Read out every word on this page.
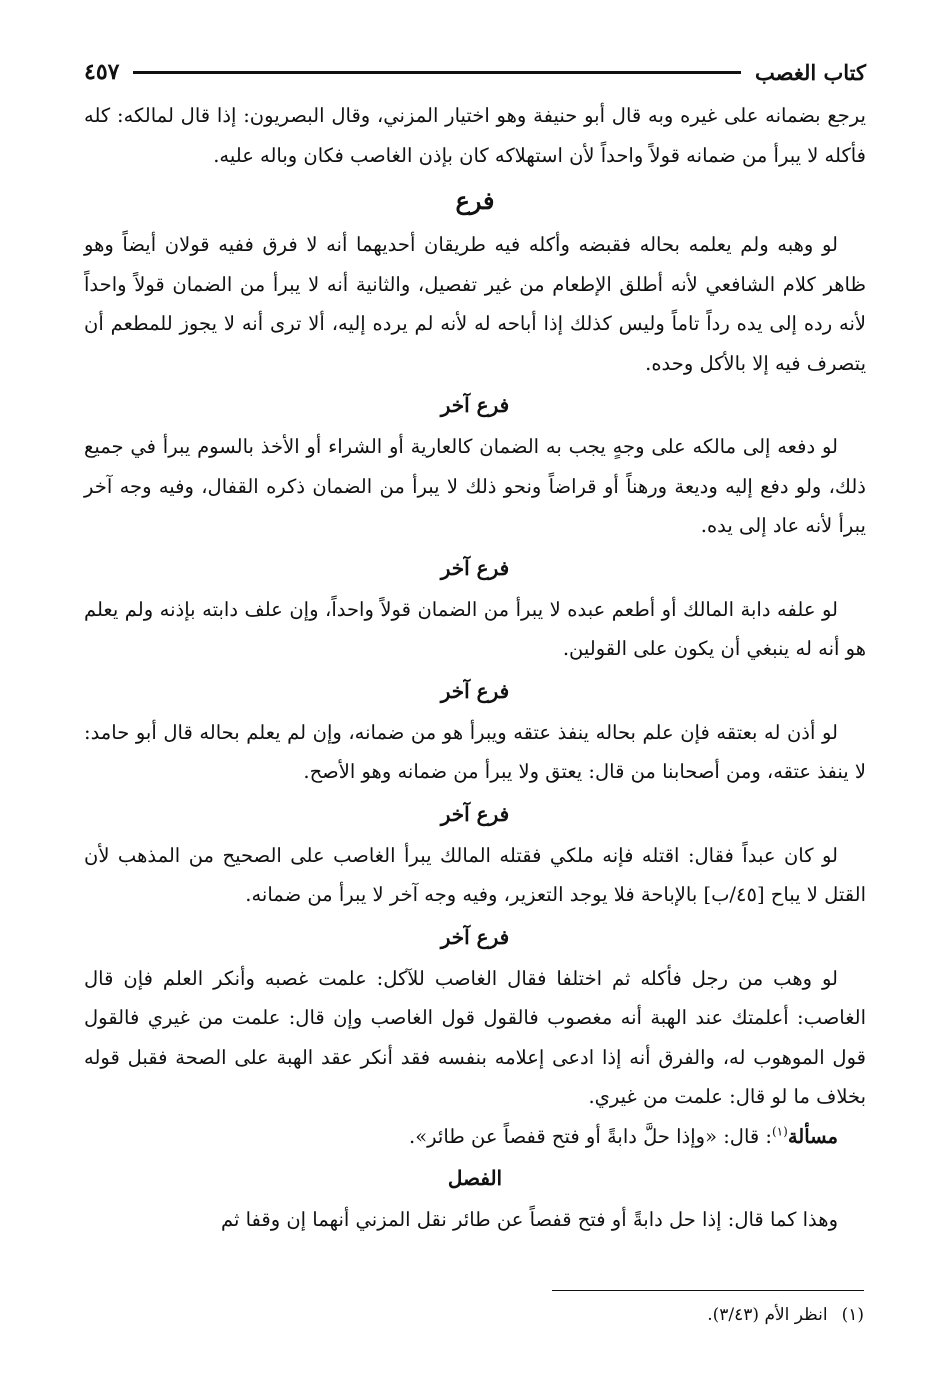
كتاب الغصب
٤٥٧

يرجع بضمانه على غيره وبه قال أبو حنيفة وهو اختيار المزني، وقال البصريون: إذا قال لمالكه: كله فأكله لا يبرأ من ضمانه قولاً واحداً لأن استهلاكه كان بإذن الغاصب فكان وباله عليه.

فرع

لو وهبه ولم يعلمه بحاله فقبضه وأكله فيه طريقان أحديهما أنه لا فرق ففيه قولان أيضاً وهو ظاهر كلام الشافعي لأنه أطلق الإطعام من غير تفصيل، والثانية أنه لا يبرأ من الضمان قولاً واحداً لأنه رده إلى يده رداً تاماً وليس كذلك إذا أباحه له لأنه لم يرده إليه، ألا ترى أنه لا يجوز للمطعم أن يتصرف فيه إلا بالأكل وحده.

فرع آخر

لو دفعه إلى مالكه على وجهٍ يجب به الضمان كالعارية أو الشراء أو الأخذ بالسوم يبرأ في جميع ذلك، ولو دفع إليه وديعة ورهناً أو قراضاً ونحو ذلك لا يبرأ من الضمان ذكره القفال، وفيه وجه آخر يبرأ لأنه عاد إلى يده.

فرع آخر

لو علفه دابة المالك أو أطعم عبده لا يبرأ من الضمان قولاً واحداً، وإن علف دابته بإذنه ولم يعلم هو أنه له ينبغي أن يكون على القولين.

فرع آخر

لو أذن له بعتقه فإن علم بحاله ينفذ عتقه ويبرأ هو من ضمانه، وإن لم يعلم بحاله قال أبو حامد: لا ينفذ عتقه، ومن أصحابنا من قال: يعتق ولا يبرأ من ضمانه وهو الأصح.

فرع آخر

لو كان عبداً فقال: اقتله فإنه ملكي فقتله المالك يبرأ الغاصب على الصحيح من المذهب لأن القتل لا يباح [٤٥/ب] بالإباحة فلا يوجد التعزير، وفيه وجه آخر لا يبرأ من ضمانه.

فرع آخر

لو وهب من رجل فأكله ثم اختلفا فقال الغاصب للآكل: علمت غصبه وأنكر العلم فإن قال الغاصب: أعلمتك عند الهبة أنه مغصوب فالقول قول الغاصب وإن قال: علمت من غيري فالقول قول الموهوب له، والفرق أنه إذا ادعى إعلامه بنفسه فقد أنكر عقد الهبة على الصحة فقبل قوله بخلاف ما لو قال: علمت من غيري.

مسألة$^{(١)}$: قال: «وإذا حلَّ دابةً أو فتح قفصاً عن طائر».

الفصل

وهذا كما قال: إذا حل دابةً أو فتح قفصاً عن طائر نقل المزني أنهما إن وقفا ثم

(١)انظر الأم (٣/٤٣).
